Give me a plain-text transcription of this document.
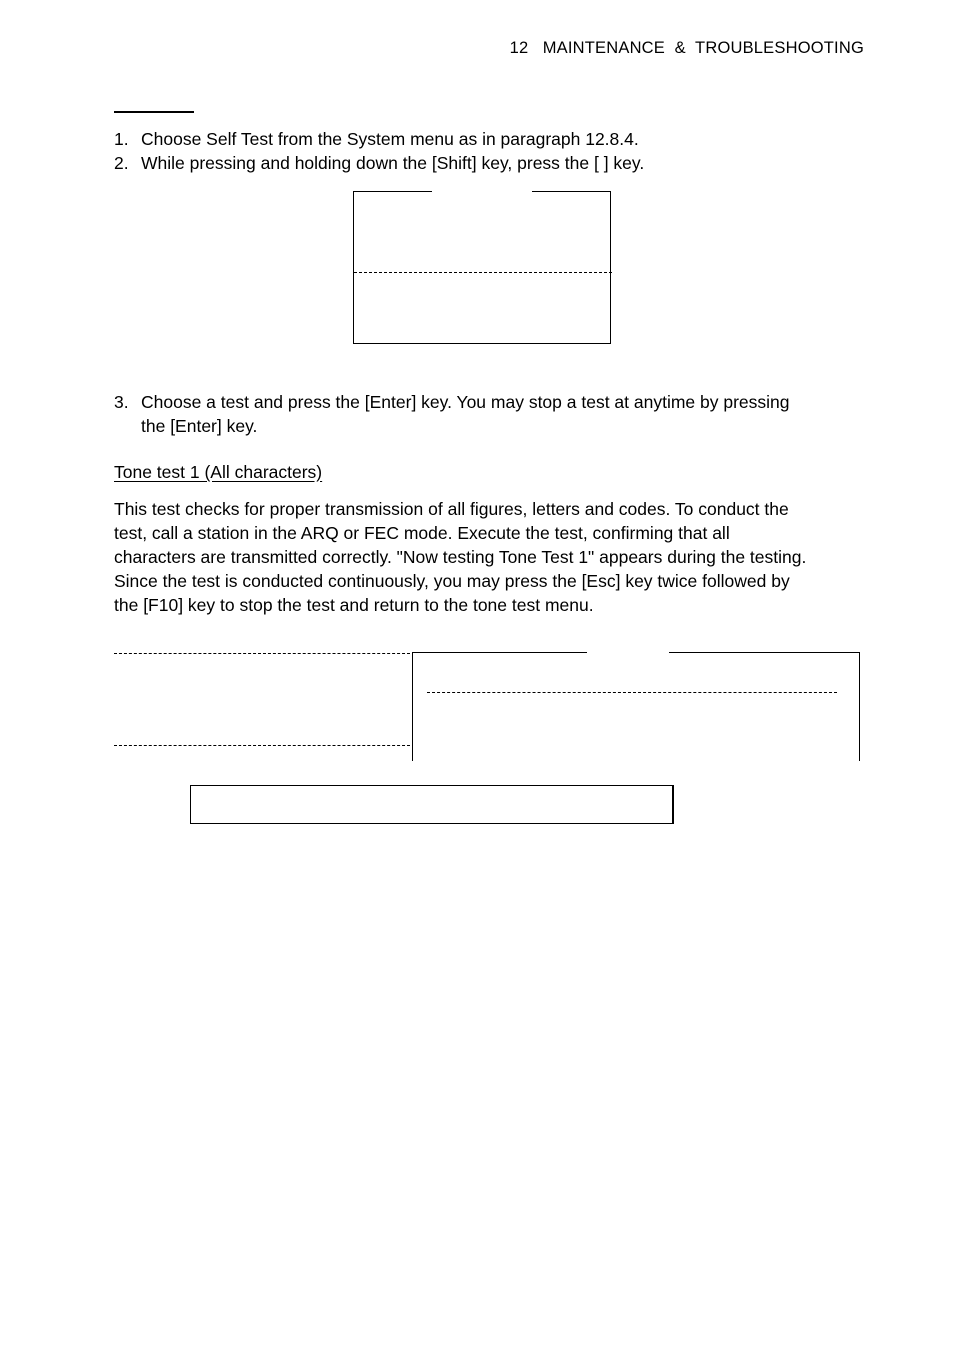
12   MAINTENANCE  &  TROUBLESHOOTING
1. Choose Self Test from the System menu as in paragraph 12.8.4.
2. While pressing and holding down the [Shift] key, press the [ ] key.
3. Choose a test and press the [Enter] key. You may stop a test at anytime by pressing
the [Enter] key.
Tone test 1 (All characters)
This test checks for proper transmission of all figures, letters and codes. To conduct the
test, call a station in the ARQ or FEC mode. Execute the test, confirming that all
characters are transmitted correctly. "Now testing Tone Test 1" appears during the testing.
Since the test is conducted continuously, you may press the [Esc] key twice followed by
the [F10] key to stop the test and return to the tone test menu.
